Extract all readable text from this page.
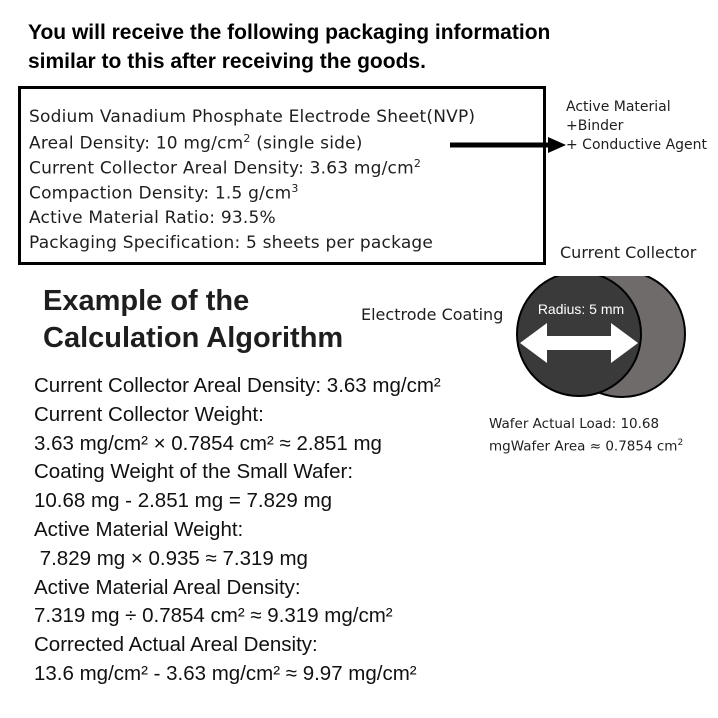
You will receive the following packaging information
similar to this after receiving the goods.
Sodium Vanadium Phosphate Electrode Sheet(NVP)
Areal Density: 10 $mg/cm^2$ (single side)
Current Collector Areal Density: 3.63 $mg/cm^2$
Compaction Density: 1.5 $g/cm^3$
Active Material Ratio: 93.5%
Packaging Specification: 5 sheets per package
Active Material
+Binder
+ Conductive Agent
Current Collector
Electrode Coating
Example of the
Calculation Algorithm
Radius: 5 mm
Wafer Actual Load: 10.68
mgWafer Area ≈ 0.7854 $cm^2$
Current Collector Areal Density: 3.63 mg/cm²
Current Collector Weight:
3.63 mg/cm² × 0.7854 cm² ≈ 2.851 mg
Coating Weight of the Small Wafer:
10.68 mg - 2.851 mg = 7.829 mg
Active Material Weight:
7.829 mg × 0.935 ≈ 7.319 mg
Active Material Areal Density:
7.319 mg ÷ 0.7854 cm² ≈ 9.319 mg/cm²
Corrected Actual Areal Density:
13.6 mg/cm² - 3.63 mg/cm² ≈ 9.97 mg/cm²
